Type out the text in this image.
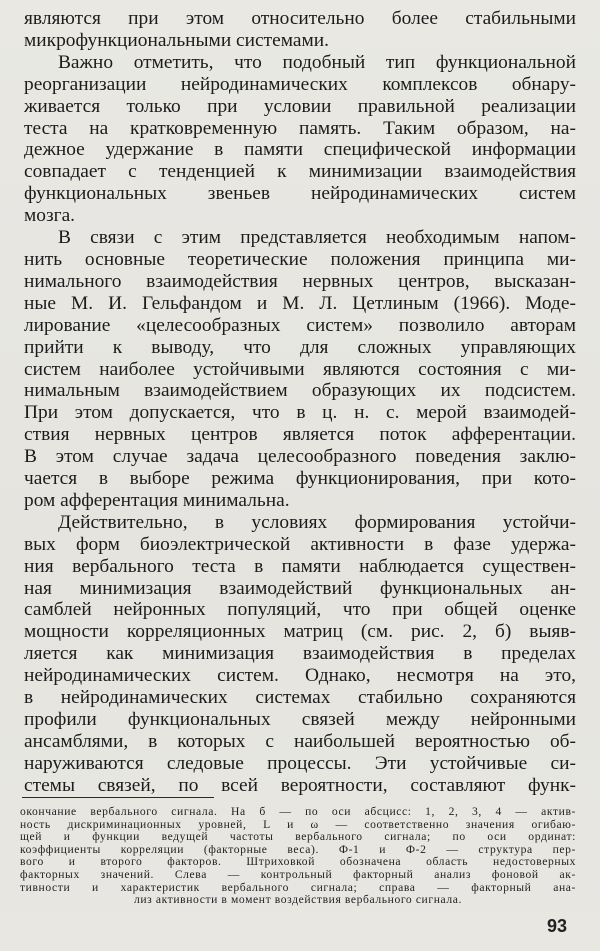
являются при этом относительно более стабильными
микрофункциональными системами.

Важно отметить, что подобный тип функциональной
реорганизации нейродинамических комплексов обнару-
живается только при условии правильной реализации
теста на кратковременную память. Таким образом, на-
дежное удержание в памяти специфической информации
совпадает с тенденцией к минимизации взаимодействия
функциональных звеньев нейродинамических систем
мозга.

В связи с этим представляется необходимым напом-
нить основные теоретические положения принципа ми-
нимального взаимодействия нервных центров, высказан-
ные М. И. Гельфандом и М. Л. Цетлиным (1966). Моде-
лирование «целесообразных систем» позволило авторам
прийти к выводу, что для сложных управляющих
систем наиболее устойчивыми являются состояния с ми-
нимальным взаимодействием образующих их подсистем.
При этом допускается, что в ц. н. с. мерой взаимодей-
ствия нервных центров является поток афферентации.
В этом случае задача целесообразного поведения заклю-
чается в выборе режима функционирования, при кото-
ром афферентация минимальна.

Действительно, в условиях формирования устойчи-
вых форм биоэлектрической активности в фазе удержа-
ния вербального теста в памяти наблюдается существен-
ная минимизация взаимодействий функциональных ан-
самблей нейронных популяций, что при общей оценке
мощности корреляционных матриц (см. рис. 2, б) выяв-
ляется как минимизация взаимодействия в пределах
нейродинамических систем. Однако, несмотря на это,
в нейродинамических системах стабильно сохраняются
профили функциональных связей между нейронными
ансамблями, в которых с наибольшей вероятностью об-
наруживаются следовые процессы. Эти устойчивые си-
стемы связей, по всей вероятности, составляют функ-

окончание вербального сигнала. На б — по оси абсцисс: 1, 2, 3, 4 — актив-
ность дискриминационных уровней, L и ω — соответственно значения огибаю-
щей и функции ведущей частоты вербального сигнала; по оси ординат:
коэффициенты корреляции (факторные веса). Ф-1 и Ф-2 — структура пер-
вого и второго факторов. Штриховкой обозначена область недостоверных
факторных значений. Слева — контрольный факторный анализ фоновой ак-
тивности и характеристик вербального сигнала; справа — факторный ана-
лиз активности в момент воздействия вербального сигнала.
93
